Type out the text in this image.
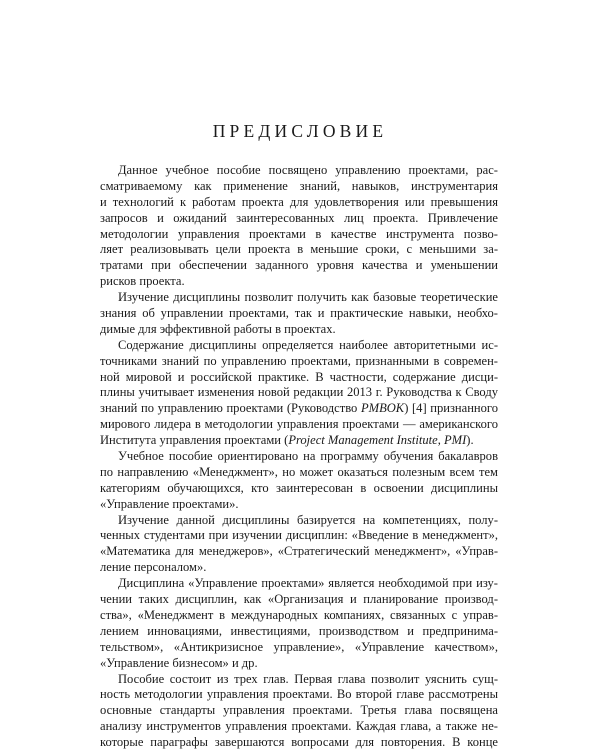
ПРЕДИСЛОВИЕ
Данное учебное пособие посвящено управлению проектами, рас-
сматриваемому как применение знаний, навыков, инструментария
и технологий к работам проекта для удовлетворения или превышения
запросов и ожиданий заинтересованных лиц проекта. Привлечение
методологии управления проектами в качестве инструмента позво-
ляет реализовывать цели проекта в меньшие сроки, с меньшими за-
тратами при обеспечении заданного уровня качества и уменьшении
рисков проекта.
Изучение дисциплины позволит получить как базовые теоретические
знания об управлении проектами, так и практические навыки, необхо-
димые для эффективной работы в проектах.
Содержание дисциплины определяется наиболее авторитетными ис-
точниками знаний по управлению проектами, признанными в современ-
ной мировой и российской практике. В частности, содержание дисци-
плины учитывает изменения новой редакции 2013 г. Руководства к Своду
знаний по управлению проектами (Руководство PMBOK) [4] признанного
мирового лидера в методологии управления проектами — американского
Института управления проектами (Project Management Institute, PMI).
Учебное пособие ориентировано на программу обучения бакалавров
по направлению «Менеджмент», но может оказаться полезным всем тем
категориям обучающихся, кто заинтересован в освоении дисциплины
«Управление проектами».
Изучение данной дисциплины базируется на компетенциях, полу-
ченных студентами при изучении дисциплин: «Введение в менеджмент»,
«Математика для менеджеров», «Стратегический менеджмент», «Управ-
ление персоналом».
Дисциплина «Управление проектами» является необходимой при изу-
чении таких дисциплин, как «Организация и планирование производ-
ства», «Менеджмент в международных компаниях, связанных с управ-
лением инновациями, инвестициями, производством и предпринима-
тельством», «Антикризисное управление», «Управление качеством»,
«Управление бизнесом» и др.
Пособие состоит из трех глав. Первая глава позволит уяснить сущ-
ность методологии управления проектами. Во второй главе рассмотрены
основные стандарты управления проектами. Третья глава посвящена
анализу инструментов управления проектами. Каждая глава, а также не-
которые параграфы завершаются вопросами для повторения. В конце
